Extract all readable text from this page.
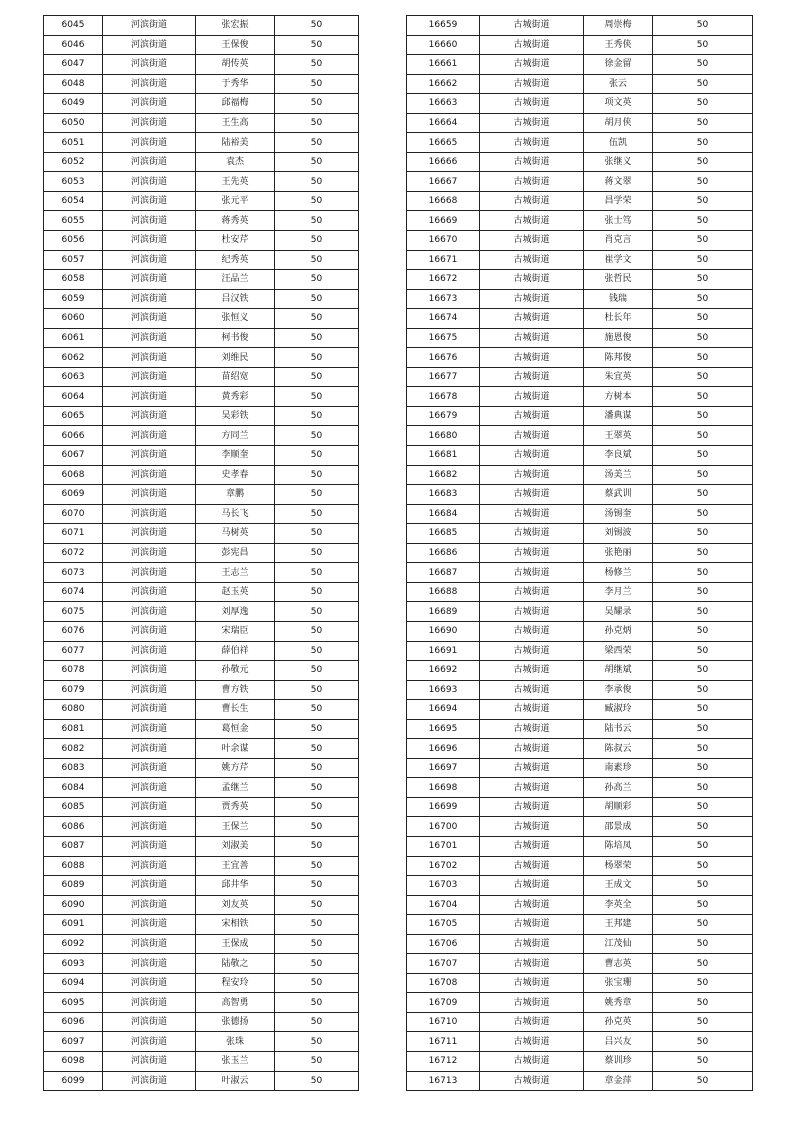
6045	河滨街道	张宏振	50
6046	河滨街道	王保俊	50
6047	河滨街道	胡传英	50
6048	河滨街道	于秀华	50
6049	河滨街道	邱福梅	50
6050	河滨街道	王生高	50
6051	河滨街道	陆裕美	50
6052	河滨街道	袁杰	50
6053	河滨街道	王先英	50
6054	河滨街道	张元平	50
6055	河滨街道	蒋秀英	50
6056	河滨街道	杜安芹	50
6057	河滨街道	纪秀英	50
6058	河滨街道	汪品兰	50
6059	河滨街道	吕汉铁	50
6060	河滨街道	张恒义	50
6061	河滨街道	柯书俊	50
6062	河滨街道	刘维民	50
6063	河滨街道	苗绍宽	50
6064	河滨街道	黄秀彩	50
6065	河滨街道	吴彩铁	50
6066	河滨街道	方同兰	50
6067	河滨街道	李顺奎	50
6068	河滨街道	史孝春	50
6069	河滨街道	章鹏	50
6070	河滨街道	马长飞	50
6071	河滨街道	马树英	50
6072	河滨街道	彭宪昌	50
6073	河滨街道	王志兰	50
6074	河滨街道	赵玉英	50
6075	河滨街道	刘厚逸	50
6076	河滨街道	宋瑞臣	50
6077	河滨街道	薛伯祥	50
6078	河滨街道	孙敬元	50
6079	河滨街道	曹方铁	50
6080	河滨街道	曹长生	50
6081	河滨街道	葛恒金	50
6082	河滨街道	叶余谋	50
6083	河滨街道	姚方芹	50
6084	河滨街道	孟继兰	50
6085	河滨街道	贾秀英	50
6086	河滨街道	王保兰	50
6087	河滨街道	刘淑美	50
6088	河滨街道	王宜善	50
6089	河滨街道	邱井华	50
6090	河滨街道	刘友英	50
6091	河滨街道	宋相铁	50
6092	河滨街道	王保成	50
6093	河滨街道	陆敬之	50
6094	河滨街道	程安玲	50
6095	河滨街道	高智勇	50
6096	河滨街道	张德扬	50
6097	河滨街道	张珠	50
6098	河滨街道	张玉兰	50
6099	河滨街道	叶淑云	50
16659	古城街道	周崇梅	50
16660	古城街道	王秀侠	50
16661	古城街道	徐金留	50
16662	古城街道	张云	50
16663	古城街道	项文英	50
16664	古城街道	胡月侠	50
16665	古城街道	伍凯	50
16666	古城街道	张继义	50
16667	古城街道	蒋文翠	50
16668	古城街道	昌学荣	50
16669	古城街道	张士笃	50
16670	古城街道	肖克言	50
16671	古城街道	崔学文	50
16672	古城街道	张哲民	50
16673	古城街道	钱瑞	50
16674	古城街道	杜长年	50
16675	古城街道	施恩俊	50
16676	古城街道	陈邦俊	50
16677	古城街道	朱宜英	50
16678	古城街道	方树本	50
16679	古城街道	潘典谋	50
16680	古城街道	王翠英	50
16681	古城街道	李良斌	50
16682	古城街道	汤美兰	50
16683	古城街道	蔡武训	50
16684	古城街道	汤锡奎	50
16685	古城街道	刘锡波	50
16686	古城街道	张艳丽	50
16687	古城街道	杨修兰	50
16688	古城街道	李月兰	50
16689	古城街道	吴耀录	50
16690	古城街道	孙克炳	50
16691	古城街道	梁西荣	50
16692	古城街道	胡继斌	50
16693	古城街道	李承俊	50
16694	古城街道	臧淑玲	50
16695	古城街道	陆书云	50
16696	古城街道	陈叔云	50
16697	古城街道	南素珍	50
16698	古城街道	孙高兰	50
16699	古城街道	胡顺彩	50
16700	古城街道	邵景成	50
16701	古城街道	陈培凤	50
16702	古城街道	杨翠荣	50
16703	古城街道	王成文	50
16704	古城街道	李英全	50
16705	古城街道	王邦建	50
16706	古城街道	江茂仙	50
16707	古城街道	曹志英	50
16708	古城街道	张宝珊	50
16709	古城街道	姚秀章	50
16710	古城街道	孙克英	50
16711	古城街道	吕兴友	50
16712	古城街道	蔡训珍	50
16713	古城街道	章金萍	50
